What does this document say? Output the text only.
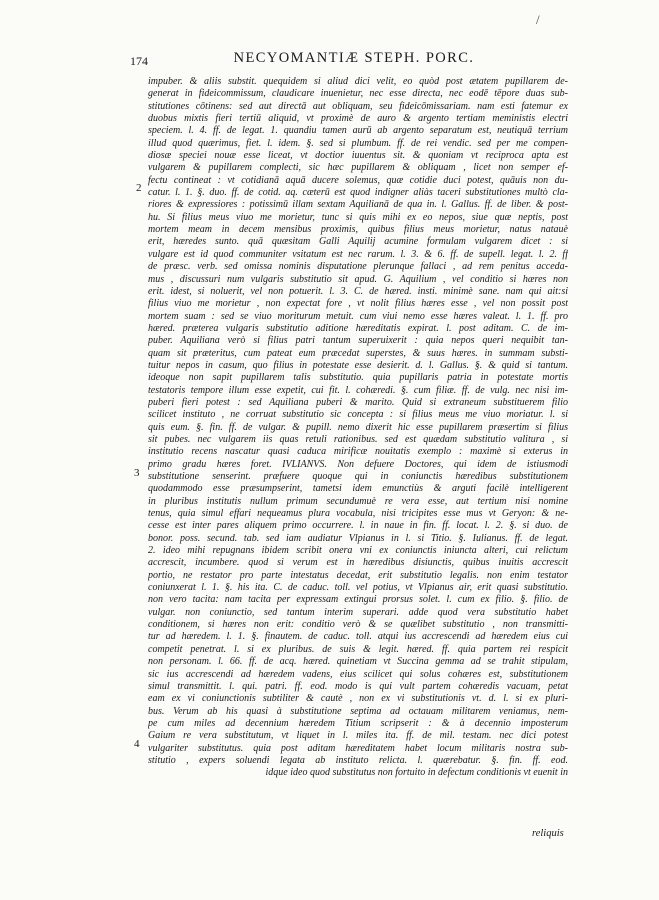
/
174	NECYOMANTIÆ STEPH. PORC.
impuber. & aliis substit. quequidem si aliud dici velit, eo quòd post ætatem pupillarem de-
generat in fideicommissum, claudicare inuenietur, nec esse directa, nec eodē tēpore duas sub-
stitutiones cōtinens: sed aut directā aut obliquam, seu fideicōmissariam. nam esti fatemur ex
duobus mixtis fieri tertiū aliquid, vt proximè de auro & argento tertiam meministis electri
speciem. l. 4. ff. de legat. 1. quandiu tamen aurū ab argento separatum est, neutiquā terrium
illud quod quærimus, fiet. l. idem. §. sed si plumbum. ff. de rei vendic. sed per me compen-
diosæ speciei nouæ esse liceat, vt doctior iuuentus sit. & quoniam vt reciproca apta est
vulgarem & pupillarem complecti, sic hæc pupillarem & obliquam , licet non semper ef-
fectu contineat : vt cotidianā aquā ducere solemus, quæ cotidie duci potest, quāuis non du-
catur. l. 1. §. duo. ff. de cotid. aq. cæterū est quod indigner aliàs taceri substitutiones multò cla-
riores & expressiores : potissimū illam sextam Aquilianā de qua in. l. Gallus. ff. de liber. & post-
hu. Si filius meus viuo me morietur, tunc si quis mihi ex eo nepos, siue quæ neptis, post
mortem meam in decem mensibus proximis, quibus filius meus morietur, natus natauè
erit, hæredes sunto. quā quæsitam Galli Aquilij acumine formulam vulgarem dicet : si
vulgare est id quod communiter vsitatum est nec rarum. l. 3. & 6. ff. de supell. legat. l. 2. ff
de præsc. verb. sed omissa nominis disputatione plerunque fallaci , ad rem penitus acceda-
mus , discussuri num vulgaris substitutio sit apud. G. Aquilium , vel conditio si hæres non
erit. idest, si noluerit, vel non potuerit. l. 3. C. de hæred. insti. minimè sane. nam qui ait:si
filius viuo me morietur , non expectat fore , vt nolit filius hæres esse , vel non possit post
mortem suam : sed se viuo moriturum metuit. cum viui nemo esse hæres valeat. l. 1. ff. pro
hæred. præterea vulgaris substitutio aditione hæreditatis expirat. l. post aditam. C. de im-
puber. Aquiliana verò si filius patri tantum superuixerit : quia nepos queri nequibit tan-
quam sit præteritus, cum pateat eum præcedat superstes, & suus hæres. in summam substi-
tuitur nepos in casum, quo filius in potestate esse desierit. d. l. Gallus. §. & quid si tantum.
ideoque non sapit pupillarem talis substitutio. quia pupillaris patria in potestate mortis
testatoris tempore illum esse expetit, cui fit. l. cohæredi. §. cum filiæ. ff. de vulg. nec nisi im-
puberi fieri potest : sed Aquiliana puberi & marito. Quid si extraneum substituerem filio
scilicet instituto , ne corruat substitutio sic concepta : si filius meus me viuo moriatur. l. si
quis eum. §. fin. ff. de vulgar. & pupill. nemo dixerit hic esse pupillarem præsertim si filius
sit pubes. nec vulgarem iis quas retuli rationibus. sed est quædam substitutio valitura , si
institutio recens nascatur quasi caduca mirificæ nouitatis exemplo : maximè si exterus in
primo gradu hæres foret. IVLIANVS. Non defuere Doctores, qui idem de istiusmodi
substitutione senserint. præfuere quoque qui in coniunctis hæredibus substitutionem
quodammodo esse præsumpserint, tametsi idem emunctiùs & arguti facilè intelligerent
in pluribus institutis nullum primum secundumuè re vera esse, aut tertium nisi nomine
tenus, quia simul effari nequeamus plura vocabula, nisi tricipites esse mus vt Geryon: & ne-
cesse est inter pares aliquem primo occurrere. l. in naue in fin. ff. locat. l. 2. §. si duo. de
bonor. poss. secund. tab. sed iam audiatur Vlpianus in l. si Titio. §. Iulianus. ff. de legat.
2. ideo mihi repugnans ibidem scribit onera vni ex coniunctis iniuncta alteri, cui relictum
accrescit, incumbere. quod si verum est in hæredibus disiunctis, quibus inuitis accrescit
portio, ne restator pro parte intestatus decedat, erit substitutio legalis. non enim testator
coniunxerat l. 1. §. his ita. C. de caduc. toll. vel potius, vt Vlpianus air, erit quasi substitutio.
non vero tacita: nam tacita per expressam extingui prorsus solet. l. cum ex filio. §. filio. de
vulgar. non coniunctio, sed tantum interim superari. adde quod vera substitutio habet
conditionem, si hæres non erit: conditio verò & se quælibet substitutio , non transmitti-
tur ad hæredem. l. 1. §. finautem. de caduc. toll. atqui ius accrescendi ad hæredem eius cui
competit penetrat. l. si ex pluribus. de suis & legit. hæred. ff. quia partem rei respicit
non personam. l. 66. ff. de acq. hæred. quinetiam vt Succina gemma ad se trahit stipulam,
sic ius accrescendi ad hæredem vadens, eius scilicet qui solus cohæres est, substitutionem
simul transmittit. l. qui. patri. ff. eod. modo is qui vult partem cohæredis vacuam, petat
eam ex vi coniunctionis subtiliter & cautè , non ex vi substitutionis vt. d. l. si ex pluri-
bus. Verum ab his quasi à substitutione septima ad octauam militarem veniamus, nem-
pe cum miles ad decennium hæredem Titium scripserit : & à decennio imposterum
Gaium re vera substitutum, vt liquet in l. miles ita. ff. de mil. testam. nec dici potest
vulgariter substitutus. quia post aditam hæreditatem habet locum militaris nostra sub-
stitutio , expers soluendi legata ab instituto relicta. l. quærebatur. §. fin. ff. eod.
idque ideo quod substitutus non fortuito in defectum conditionis vt euenit in
2
3
4
reliquis
